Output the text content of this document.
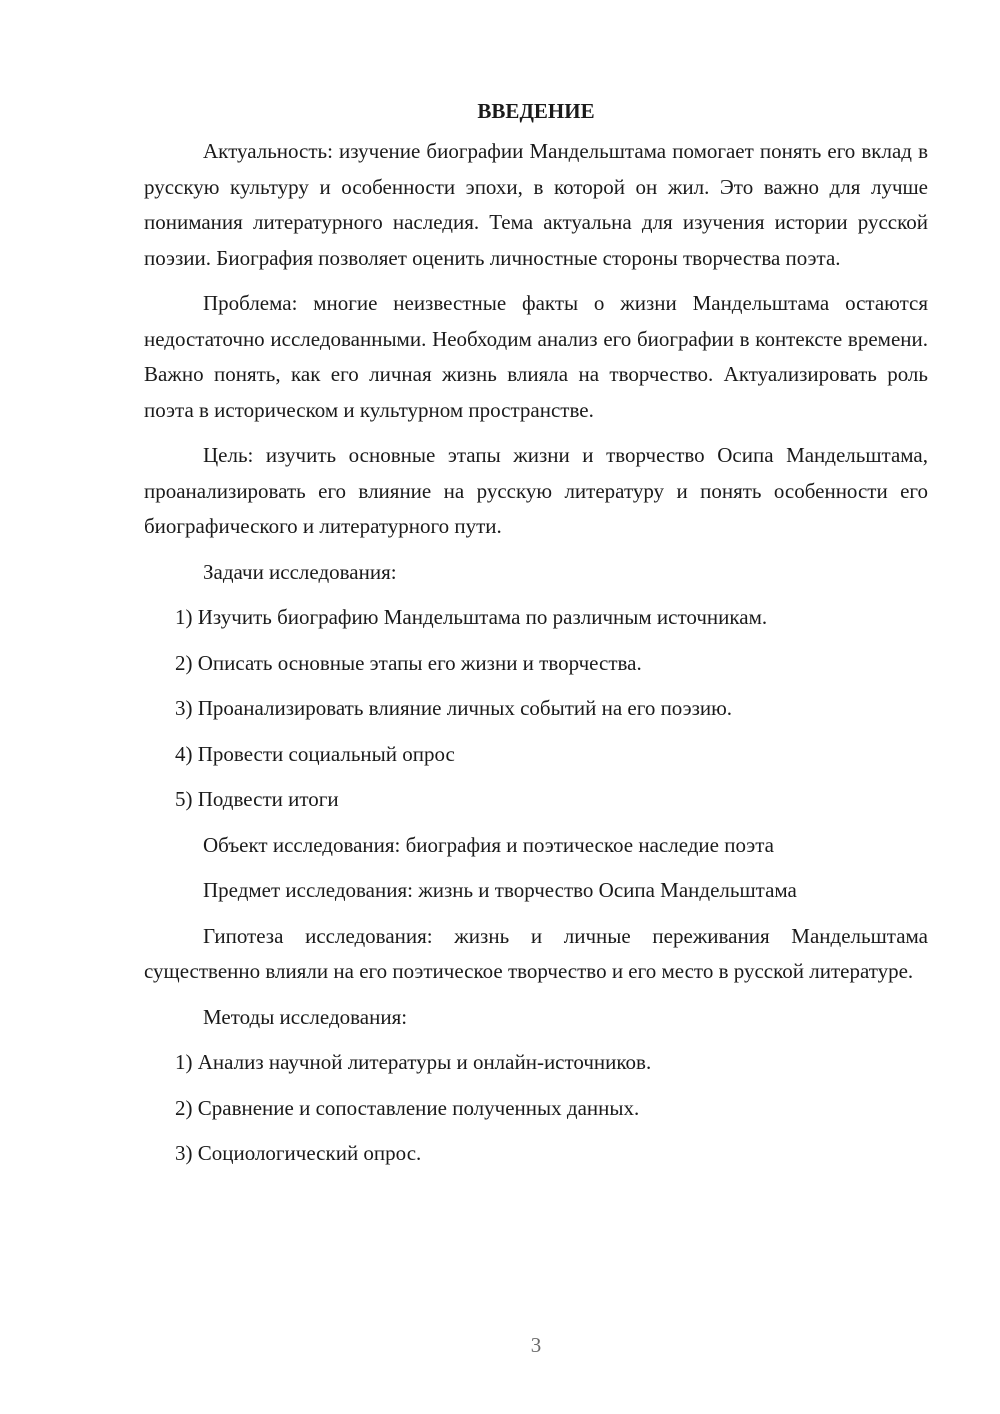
ВВЕДЕНИЕ

Актуальность: изучение биографии Мандельштама помогает понять его вклад в русскую культуру и особенности эпохи, в которой он жил. Это важно для лучше понимания литературного наследия. Тема актуальна для изучения истории русской поэзии. Биография позволяет оценить личностные стороны творчества поэта.

Проблема: многие неизвестные факты о жизни Мандельштама остаются недостаточно исследованными. Необходим анализ его биографии в контексте времени. Важно понять, как его личная жизнь влияла на творчество. Актуализировать роль поэта в историческом и культурном пространстве.

Цель: изучить основные этапы жизни и творчество Осипа Мандельштама, проанализировать его влияние на русскую литературу и понять особенности его биографического и литературного пути.

Задачи исследования:

1) Изучить биографию Мандельштама по различным источникам.

2) Описать основные этапы его жизни и творчества.

3) Проанализировать влияние личных событий на его поэзию.

4) Провести социальный опрос

5) Подвести итоги

Объект исследования: биография и поэтическое наследие поэта

Предмет исследования: жизнь и творчество Осипа Мандельштама

Гипотеза исследования: жизнь и личные переживания Мандельштама существенно влияли на его поэтическое творчество и его место в русской литературе.

Методы исследования:

1) Анализ научной литературы и онлайн-источников.

2) Сравнение и сопоставление полученных данных.

3) Социологический опрос.

3
